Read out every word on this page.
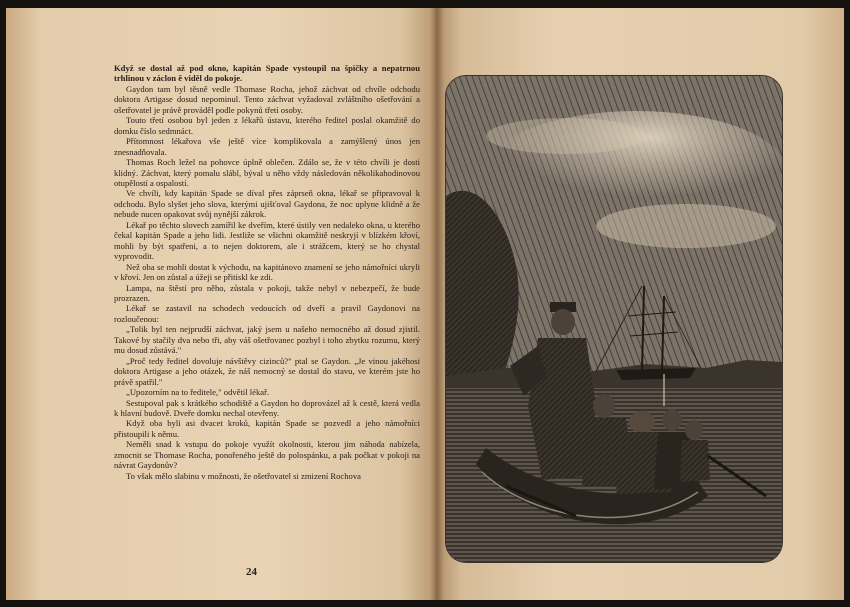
Když se dostal až pod okno, kapitán Spade vystoupil na špičky a nepatrnou trhlinou v záclon ě viděl do pokoje.

Gaydon tam byl těsně vedle Thomase Rocha, jehož záchvat od chvíle odchodu doktora Artigase dosud nepominul. Tento záchvat vyžadoval zvláštního ošetřování a ošetřovatel je právě prováděl podle pokynů třetí osoby.

Touto třetí osobou byl jeden z lékařů ústavu, kterého ředitel poslal okamžitě do domku číslo sedmnáct.

Přítomnost lékařova vše ještě více komplikovala a zamýšlený únos jen znesnadňovala.

Thomas Roch ležel na pohovce úplně oblečen. Zdálo se, že v této chvíli je dosti klidný. Záchvat, který pomalu slábl, býval u něho vždy následován několikahodinovou otupělostí a ospalostí.

Ve chvíli, kdy kapitán Spade se díval přes záprseň okna, lékař se připravoval k odchodu. Bylo slyšet jeho slova, kterými ujišťoval Gaydona, že noc uplyne klidně a že nebude nucen opakovat svůj nynější zákrok.

Lékař po těchto slovech zamířil ke dveřím, které ústily ven nedaleko okna, u kterého čekal kapitán Spade a jeho lidi. Jestliže se všichni okamžitě neskryjí v blízkém křoví, mohli by být spatřeni, a to nejen doktorem, ale i strážcem, který se ho chystal vyprovodit.

Než oba se mohli dostat k východu, na kapitánovo znamení se jeho námořníci ukryli v křoví. Jen on zůstal a úžeji se přitiskl ke zdi.

Lampa, na štěstí pro něho, zůstala v pokoji, takže nebyl v nebezpečí, že bude prozrazen.

Lékař se zastavil na schodech vedoucích od dveří a pravil Gaydonovi na rozloučenou:

„Tolik byl ten nejprudší záchvat, jaký jsem u našeho nemocného až dosud zjistil. Takové by stačily dva nebo tři, aby váš ošetřovanec pozbyl i toho zbytku rozumu, který mu dosud zůstává."

„Proč tedy ředitel dovoluje návštěvy cizinců?" ptal se Gaydon. „Je vinou jakéhosi doktora Artigase a jeho otázek, že náš nemocný se dostal do stavu, ve kterém jste ho právě spatřil."

„Upozorním na to ředitele," odvětil lékař.

Sestupoval pak s krátkého schodiště a Gaydon ho doprovázel až k cestě, která vedla k hlavní budově. Dveře domku nechal otevřeny.

Když oba byli asi dvacet kroků, kapitán Spade se pozvedl a jeho námořníci přistoupili k němu.

Neměli snad k vstupu do pokoje využít okolnosti, kterou jim náhoda nabízela, zmocnit se Thomase Rocha, ponořeného ještě do polospánku, a pak počkat v pokoji na návrat Gaydonův?

To však mělo slabinu v možnosti, že ošetřovatel si zmizení Rochova

24
